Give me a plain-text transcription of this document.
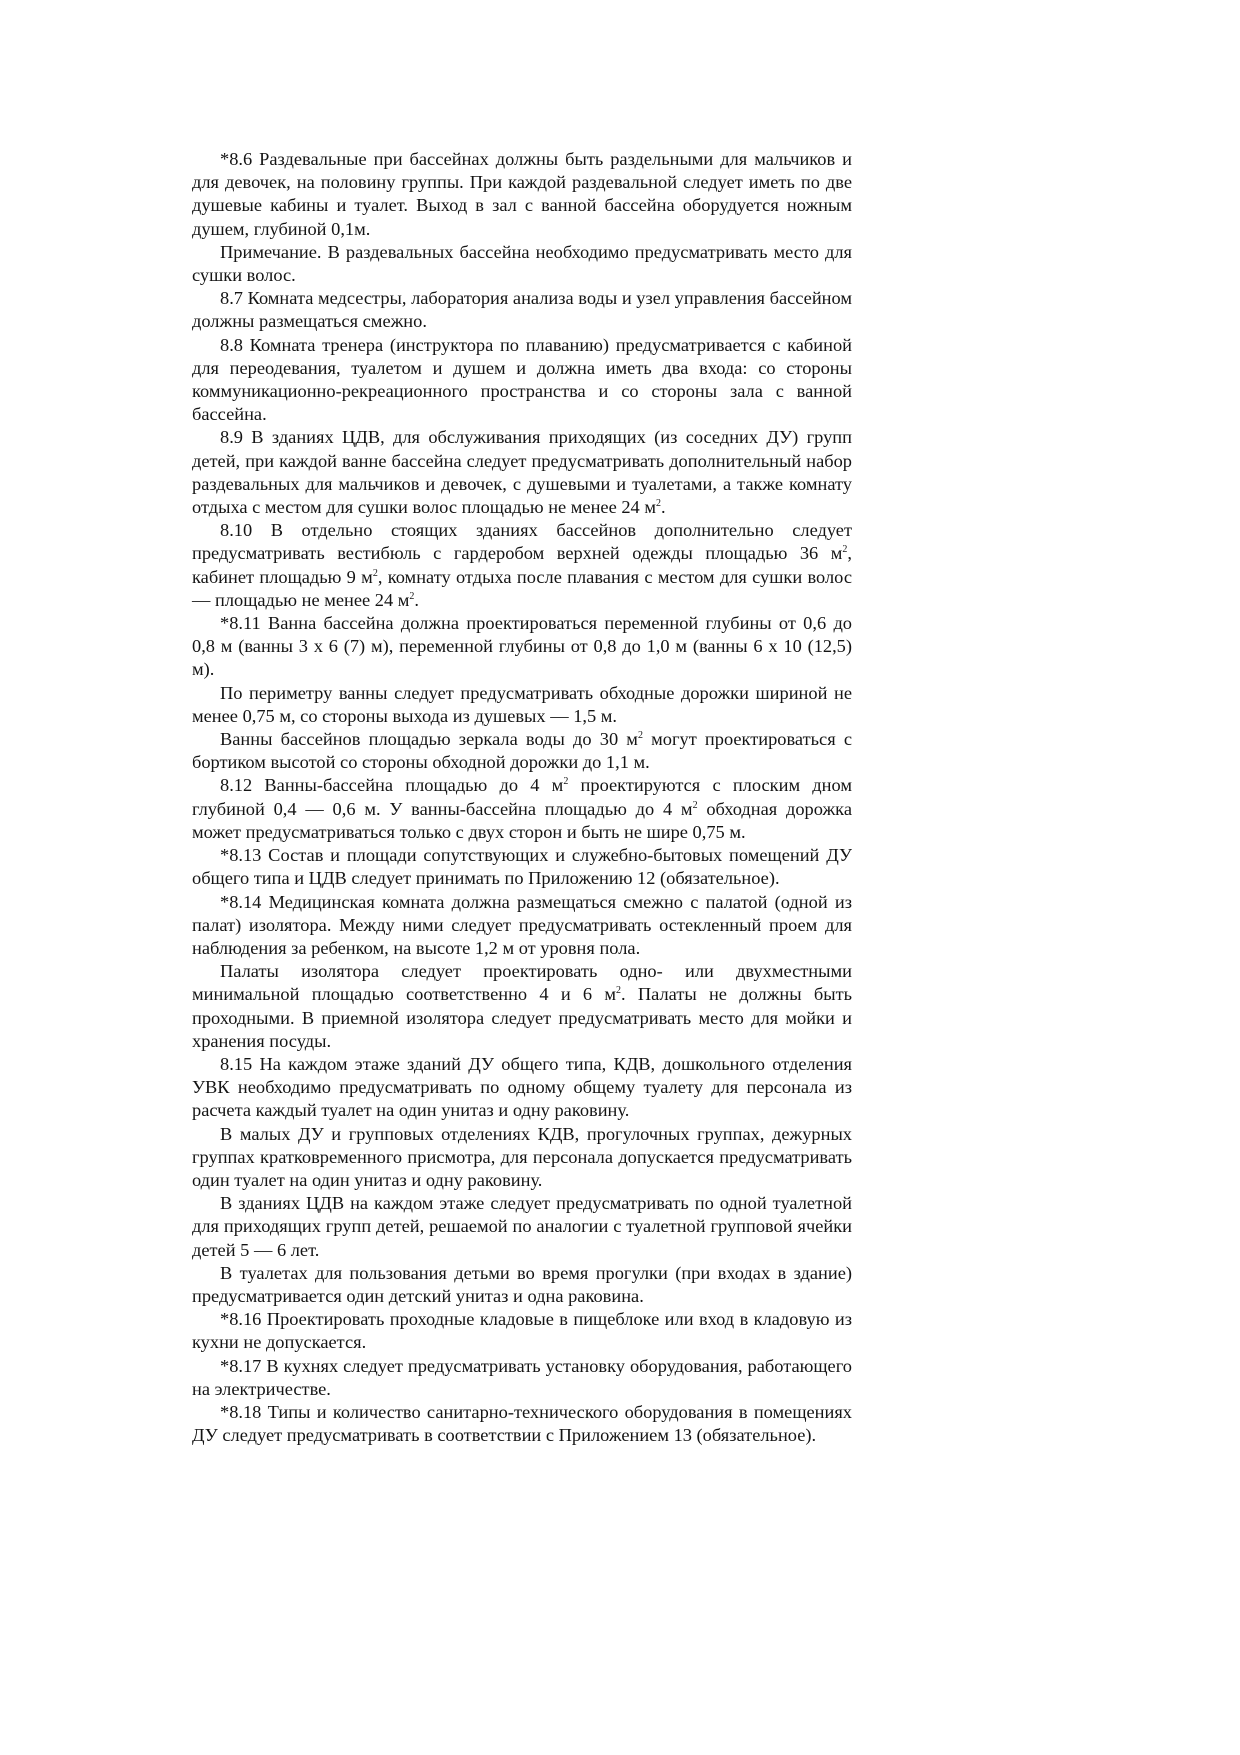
*8.6 Раздевальные при бассейнах должны быть раздельными для мальчиков и для девочек, на половину группы. При каждой раздевальной следует иметь по две душевые кабины и туалет. Выход в зал с ванной бассейна оборудуется ножным душем, глубиной 0,1м.

Примечание. В раздевальных бассейна необходимо предусматривать место для сушки волос.

8.7 Комната медсестры, лаборатория анализа воды и узел управления бассейном должны размещаться смежно.

8.8 Комната тренера (инструктора по плаванию) предусматривается с кабиной для переодевания, туалетом и душем и должна иметь два входа: со стороны коммуникационно-рекреационного пространства и со стороны зала с ванной бассейна.

8.9 В зданиях ЦДВ, для обслуживания приходящих (из соседних ДУ) групп детей, при каждой ванне бассейна следует предусматривать дополнительный набор раздевальных для мальчиков и девочек, с душевыми и туалетами, а также комнату отдыха с местом для сушки волос площадью не менее 24 $м^2$.

8.10 В отдельно стоящих зданиях бассейнов дополнительно следует предусматривать вестибюль с гардеробом верхней одежды площадью 36 $м^2$, кабинет площадью 9 $м^2$, комнату отдыха после плавания с местом для сушки волос — площадью не менее 24 $м^2$.

*8.11 Ванна бассейна должна проектироваться переменной глубины от 0,6 до 0,8 м (ванны 3 х 6 (7) м), переменной глубины от 0,8 до 1,0 м (ванны 6 х 10 (12,5) м).

По периметру ванны следует предусматривать обходные дорожки шириной не менее 0,75 м, со стороны выхода из душевых — 1,5 м.

Ванны бассейнов площадью зеркала воды до 30 $м^2$ могут проектироваться с бортиком высотой со стороны обходной дорожки до 1,1 м.

8.12 Ванны-бассейна площадью до 4 $м^2$ проектируются с плоским дном глубиной 0,4 — 0,6 м. У ванны-бассейна площадью до 4 $м^2$ обходная дорожка может предусматриваться только с двух сторон и быть не шире 0,75 м.

*8.13 Состав и площади сопутствующих и служебно-бытовых помещений ДУ общего типа и ЦДВ следует принимать по Приложению 12 (обязательное).

*8.14 Медицинская комната должна размещаться смежно с палатой (одной из палат) изолятора. Между ними следует предусматривать остекленный проем для наблюдения за ребенком, на высоте 1,2 м от уровня пола.

Палаты изолятора следует проектировать одно- или двухместными минимальной площадью соответственно 4 и 6 $м^2$. Палаты не должны быть проходными. В приемной изолятора следует предусматривать место для мойки и хранения посуды.

8.15 На каждом этаже зданий ДУ общего типа, КДВ, дошкольного отделения УВК необходимо предусматривать по одному общему туалету для персонала из расчета каждый туалет на один унитаз и одну раковину.

В малых ДУ и групповых отделениях КДВ, прогулочных группах, дежурных группах кратковременного присмотра, для персонала допускается предусматривать один туалет на один унитаз и одну раковину.

В зданиях ЦДВ на каждом этаже следует предусматривать по одной туалетной для приходящих групп детей, решаемой по аналогии с туалетной групповой ячейки детей 5 — 6 лет.

В туалетах для пользования детьми во время прогулки (при входах в здание) предусматривается один детский унитаз и одна раковина.

*8.16 Проектировать проходные кладовые в пищеблоке или вход в кладовую из кухни не допускается.

*8.17 В кухнях следует предусматривать установку оборудования, работающего на электричестве.

*8.18 Типы и количество санитарно-технического оборудования в помещениях ДУ следует предусматривать в соответствии с Приложением 13 (обязательное).
